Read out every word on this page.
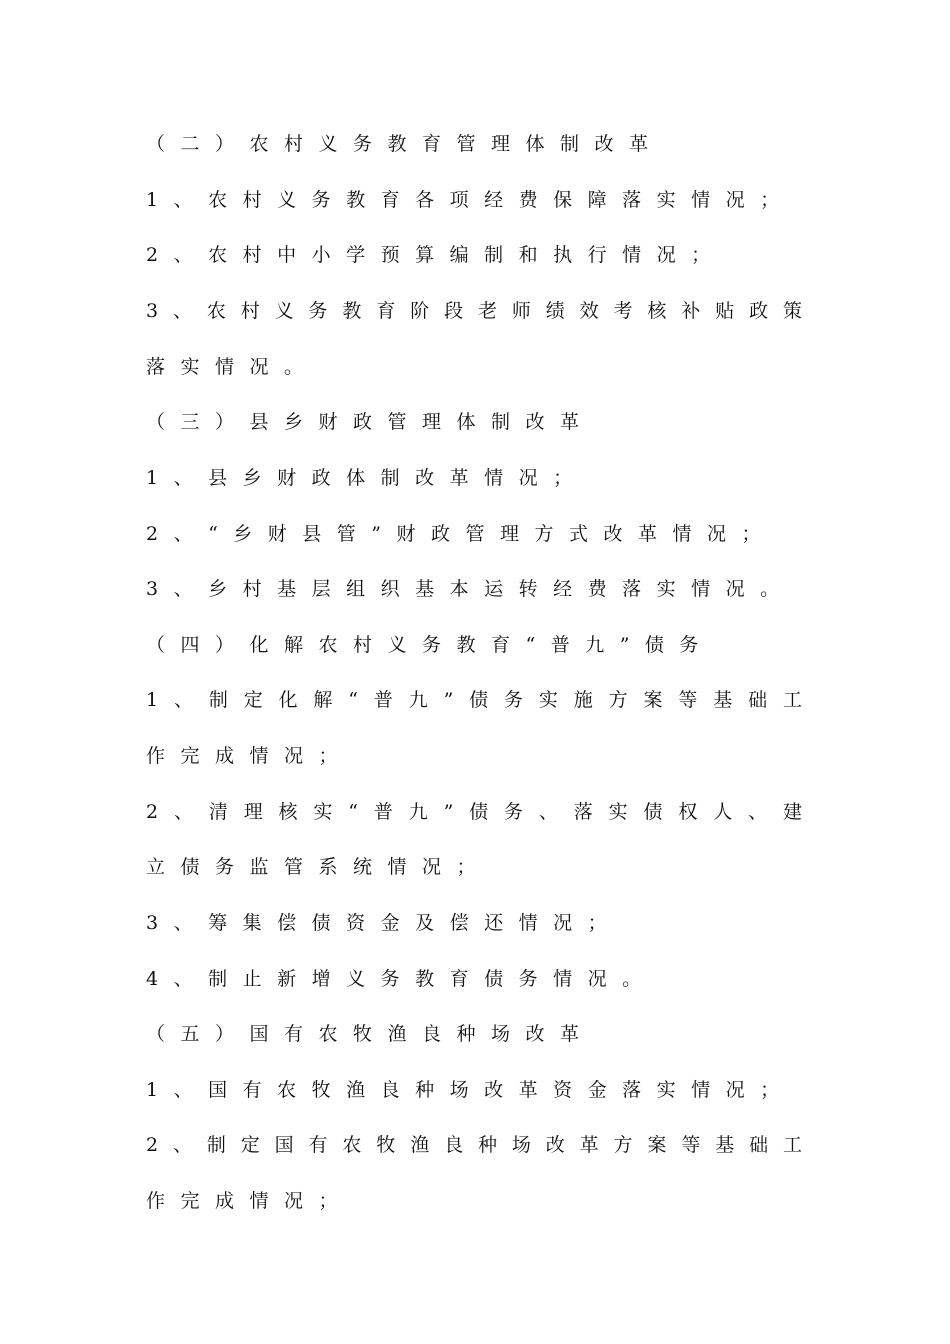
（二）农村义务教育管理体制改革
1、农村义务教育各项经费保障落实情况；
2、农村中小学预算编制和执行情况；
3、农村义务教育阶段老师绩效考核补贴政策
落实情况。
（三）县乡财政管理体制改革
1、县乡财政体制改革情况；
2、“乡财县管”财政管理方式改革情况；
3、乡村基层组织基本运转经费落实情况。
（四）化解农村义务教育“普九”债务
1、制定化解“普九”债务实施方案等基础工
作完成情况；
2、清理核实“普九”债务、落实债权人、建
立债务监管系统情况；
3、筹集偿债资金及偿还情况；
4、制止新增义务教育债务情况。
（五）国有农牧渔良种场改革
1、国有农牧渔良种场改革资金落实情况；
2、制定国有农牧渔良种场改革方案等基础工
作完成情况；
